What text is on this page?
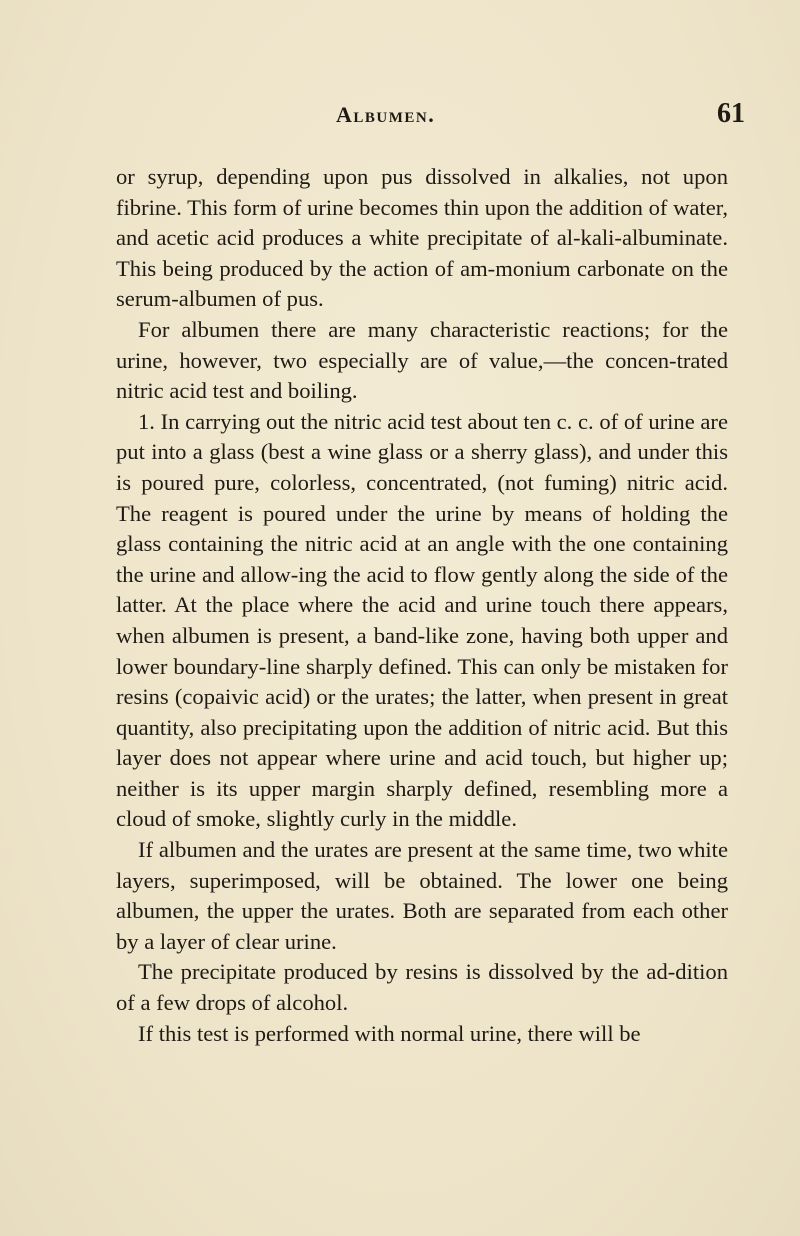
Albumen.	61

or syrup, depending upon pus dissolved in alkalies, not upon fibrine. This form of urine becomes thin upon the addition of water, and acetic acid produces a white precipitate of al-kali-albuminate. This being produced by the action of am-monium carbonate on the serum-albumen of pus.

For albumen there are many characteristic reactions; for the urine, however, two especially are of value,—the concen-trated nitric acid test and boiling.

1. In carrying out the nitric acid test about ten c. c. of of urine are put into a glass (best a wine glass or a sherry glass), and under this is poured pure, colorless, concentrated, (not fuming) nitric acid. The reagent is poured under the urine by means of holding the glass containing the nitric acid at an angle with the one containing the urine and allow-ing the acid to flow gently along the side of the latter. At the place where the acid and urine touch there appears, when albumen is present, a band-like zone, having both upper and lower boundary-line sharply defined. This can only be mistaken for resins (copaivic acid) or the urates; the latter, when present in great quantity, also precipitating upon the addition of nitric acid. But this layer does not appear where urine and acid touch, but higher up; neither is its upper margin sharply defined, resembling more a cloud of smoke, slightly curly in the middle.

If albumen and the urates are present at the same time, two white layers, superimposed, will be obtained. The lower one being albumen, the upper the urates. Both are separated from each other by a layer of clear urine.

The precipitate produced by resins is dissolved by the ad-dition of a few drops of alcohol.

If this test is performed with normal urine, there will be
